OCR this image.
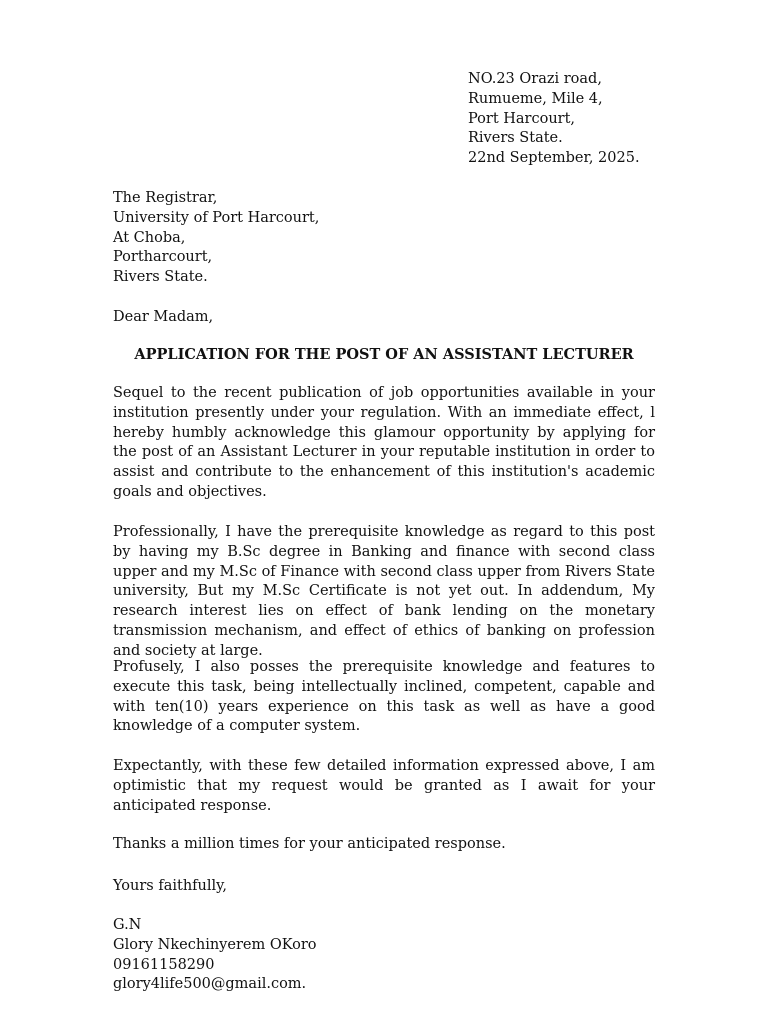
NO.23 Orazi road,
Rumueme, Mile 4,
Port Harcourt,
Rivers State.
22nd September, 2025.
The Registrar,
University of Port Harcourt,
At Choba,
Portharcourt,
Rivers State.
Dear Madam,
APPLICATION FOR THE POST OF AN ASSISTANT LECTURER

Sequel to the recent publication of job opportunities available in your institution presently under your regulation. With an immediate effect, l hereby humbly acknowledge this glamour opportunity by applying for the post of an Assistant Lecturer in your reputable institution in order to assist and contribute to the enhancement of this institution's academic goals and objectives.

Professionally, I have the prerequisite knowledge as regard to this post by having my B.Sc degree in Banking and finance with second class upper and my M.Sc of Finance with second class upper from Rivers State university, But my M.Sc Certificate is not yet out. In addendum, My research interest lies on effect of bank lending on the monetary transmission mechanism, and effect of ethics of banking on profession and society at large.

Profusely, I also posses the prerequisite knowledge and features to execute this task, being intellectually inclined, competent, capable and with ten(10) years experience on this task as well as have a good knowledge of a computer system.

Expectantly, with these few detailed information expressed above, I am optimistic that my request would be granted as I await for your anticipated response.

Thanks a million times for your anticipated response.
Yours faithfully,
G.N
Glory Nkechinyerem OKoro
09161158290
glory4life500@gmail.com.
